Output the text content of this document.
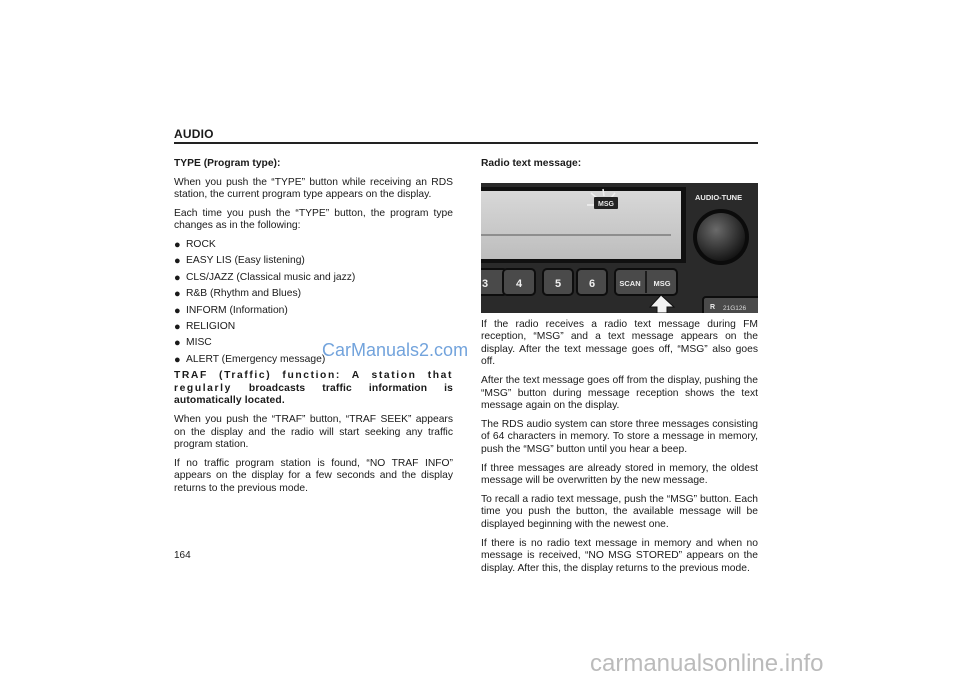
AUDIO

TYPE (Program type):

When you push the “TYPE” button while receiving an RDS station, the current program type appears on the display.

Each time you push the “TYPE” button, the program type changes as in the following:

● ROCK
● EASY LIS (Easy listening)
● CLS/JAZZ (Classical music and jazz)
● R&B (Rhythm and Blues)
● INFORM (Information)
● RELIGION
● MISC
● ALERT (Emergency message)

TRAF (Traffic) function: A station that regularly broadcasts traffic information is automatically located.

When you push the “TRAF” button, “TRAF SEEK” appears on the display and the radio will start seeking any traffic program station.

If no traffic program station is found, “NO TRAF INFO” appears on the display for a few seconds and the display returns to the previous mode.

Radio text message:

MSG
AUDIO-TUNE
3	4	5	6	SCAN MSG
R 21G126

If the radio receives a radio text message during FM reception, “MSG” and a text message appears on the display. After the text message goes off, “MSG” also goes off.

After the text message goes off from the display, pushing the “MSG” button during message reception shows the text message again on the display.

The RDS audio system can store three messages consisting of 64 characters in memory. To store a message in memory, push the “MSG” button until you hear a beep.

If three messages are already stored in memory, the oldest message will be overwritten by the new message.

To recall a radio text message, push the “MSG” button. Each time you push the button, the available message will be displayed beginning with the newest one.

If there is no radio text message in memory and when no message is received, “NO MSG STORED” appears on the display. After this, the display returns to the previous mode.

164
CarManuals2.com
carmanualsonline.info
